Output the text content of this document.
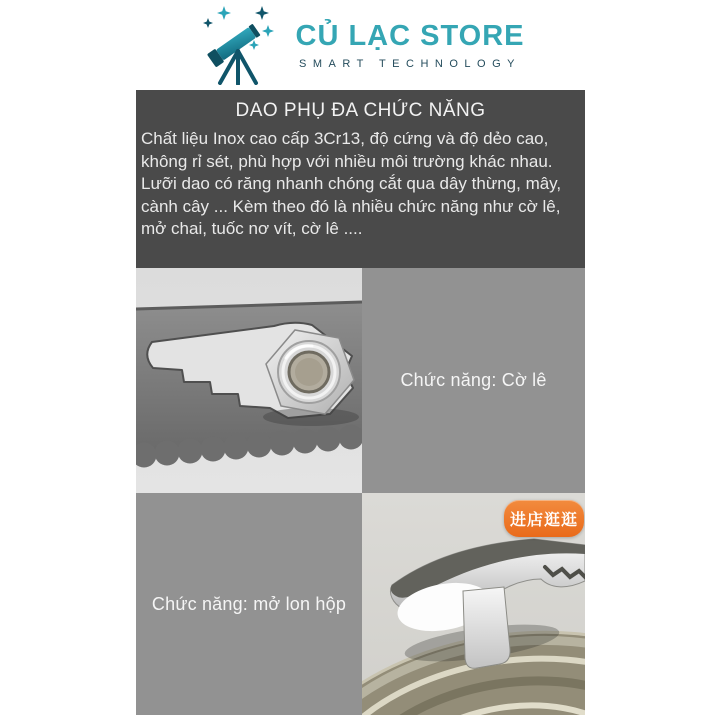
CỦ LẠC STORE
SMART TECHNOLOGY
DAO PHỤ ĐA CHỨC NĂNG
Chất liệu Inox cao cấp 3Cr13, độ cứng và độ dẻo cao,
không rỉ sét, phù hợp với nhiều môi trường khác nhau.
Lưỡi dao có răng nhanh chóng cắt qua dây thừng, mây,
cành cây ... Kèm theo đó là nhiều chức năng như cờ lê,
mở chai, tuốc nơ vít, cờ lê ....
Chức năng: Cờ lê
Chức năng: mở lon hộp
进店逛逛
